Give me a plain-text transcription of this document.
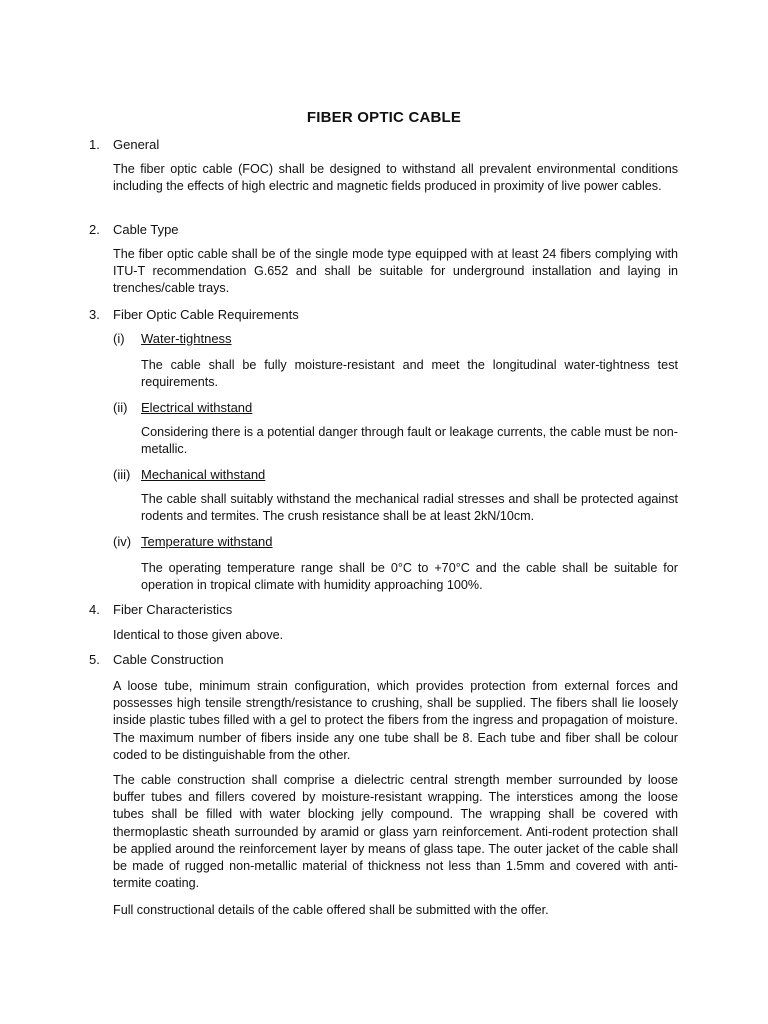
FIBER OPTIC CABLE
1. General
The fiber optic cable (FOC) shall be designed to withstand all prevalent environmental conditions including the effects of high electric and magnetic fields produced in proximity of live power cables.
2. Cable Type
The fiber optic cable shall be of the single mode type equipped with at least 24 fibers complying with ITU-T recommendation G.652 and shall be suitable for underground installation and laying in trenches/cable trays.
3. Fiber Optic Cable Requirements
(i) Water-tightness
The cable shall be fully moisture-resistant and meet the longitudinal water-tightness test requirements.
(ii) Electrical withstand
Considering there is a potential danger through fault or leakage currents, the cable must be non-metallic.
(iii) Mechanical withstand
The cable shall suitably withstand the mechanical radial stresses and shall be protected against rodents and termites. The crush resistance shall be at least 2kN/10cm.
(iv) Temperature withstand
The operating temperature range shall be 0°C to +70°C and the cable shall be suitable for operation in tropical climate with humidity approaching 100%.
4. Fiber Characteristics
Identical to those given above.
5. Cable Construction
A loose tube, minimum strain configuration, which provides protection from external forces and possesses high tensile strength/resistance to crushing, shall be supplied. The fibers shall lie loosely inside plastic tubes filled with a gel to protect the fibers from the ingress and propagation of moisture. The maximum number of fibers inside any one tube shall be 8. Each tube and fiber shall be colour coded to be distinguishable from the other.
The cable construction shall comprise a dielectric central strength member surrounded by loose buffer tubes and fillers covered by moisture-resistant wrapping. The interstices among the loose tubes shall be filled with water blocking jelly compound. The wrapping shall be covered with thermoplastic sheath surrounded by aramid or glass yarn reinforcement. Anti-rodent protection shall be applied around the reinforcement layer by means of glass tape. The outer jacket of the cable shall be made of rugged non-metallic material of thickness not less than 1.5mm and covered with anti-termite coating.
Full constructional details of the cable offered shall be submitted with the offer.
